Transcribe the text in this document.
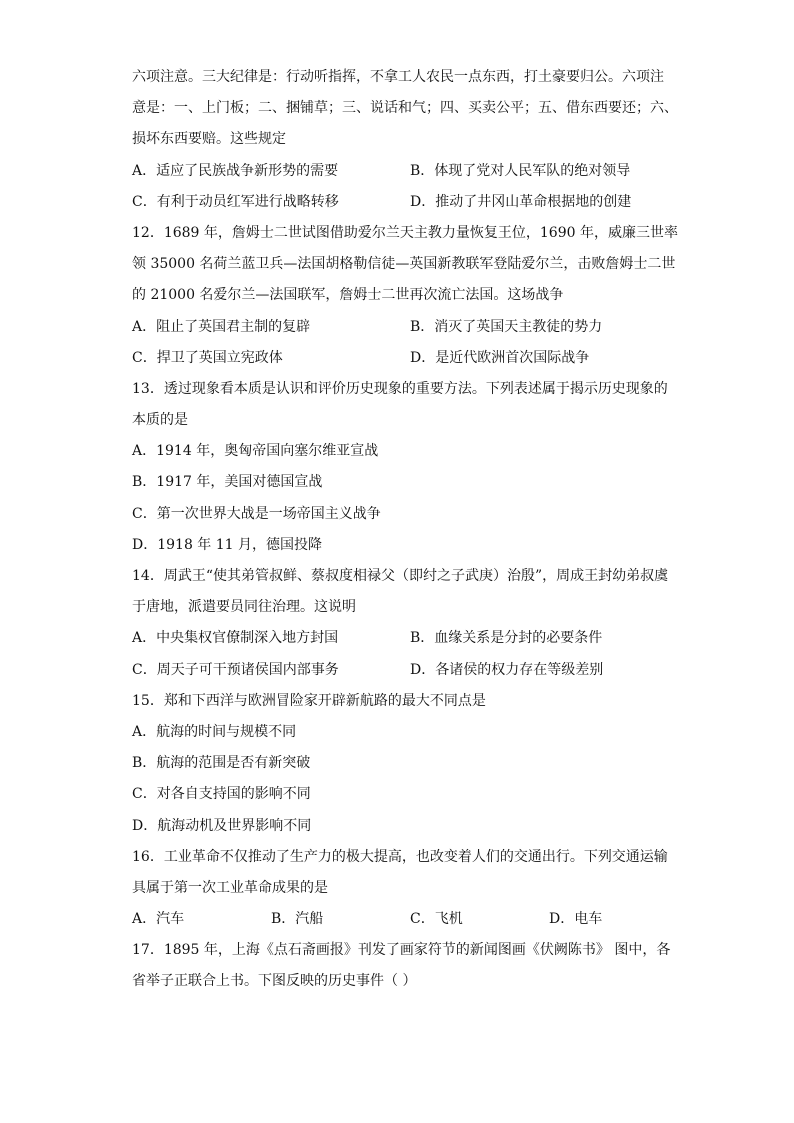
六项注意。三大纪律是：行动听指挥，不拿工人农民一点东西，打土豪要归公。六项注
意是：一、上门板；二、捆铺草；三、说话和气；四、买卖公平；五、借东西要还；六、
损坏东西要赔。这些规定
A．适应了民族战争新形势的需要	B．体现了党对人民军队的绝对领导
C．有利于动员红军进行战略转移	D．推动了井冈山革命根据地的创建
12．1689 年，詹姆士二世试图借助爱尔兰天主教力量恢复王位，1690 年，威廉三世率
领 35000 名荷兰蓝卫兵—法国胡格勒信徒—英国新教联军登陆爱尔兰，击败詹姆士二世
的 21000 名爱尔兰—法国联军，詹姆士二世再次流亡法国。这场战争
A．阻止了英国君主制的复辟	B．消灭了英国天主教徒的势力
C．捍卫了英国立宪政体	D．是近代欧洲首次国际战争
13．透过现象看本质是认识和评价历史现象的重要方法。下列表述属于揭示历史现象的
本质的是
A．1914 年，奥匈帝国向塞尔维亚宣战
B．1917 年，美国对德国宣战
C．第一次世界大战是一场帝国主义战争
D．1918 年 11 月，德国投降
14．周武王“使其弟管叔鲜、蔡叔度相禄父（即纣之子武庚）治殷”，周成王封幼弟叔虞
于唐地，派遣要员同往治理。这说明
A．中央集权官僚制深入地方封国	B．血缘关系是分封的必要条件
C．周天子可干预诸侯国内部事务	D．各诸侯的权力存在等级差别
15．郑和下西洋与欧洲冒险家开辟新航路的最大不同点是
A．航海的时间与规模不同
B．航海的范围是否有新突破
C．对各自支持国的影响不同
D．航海动机及世界影响不同
16．工业革命不仅推动了生产力的极大提高，也改变着人们的交通出行。下列交通运输
具属于第一次工业革命成果的是
A．汽车	B．汽船	C．飞机	D．电车
17．1895 年，上海《点石斋画报》刊发了画家符节的新闻图画《伏阙陈书》 图中，各
省举子正联合上书。下图反映的历史事件（ ）
